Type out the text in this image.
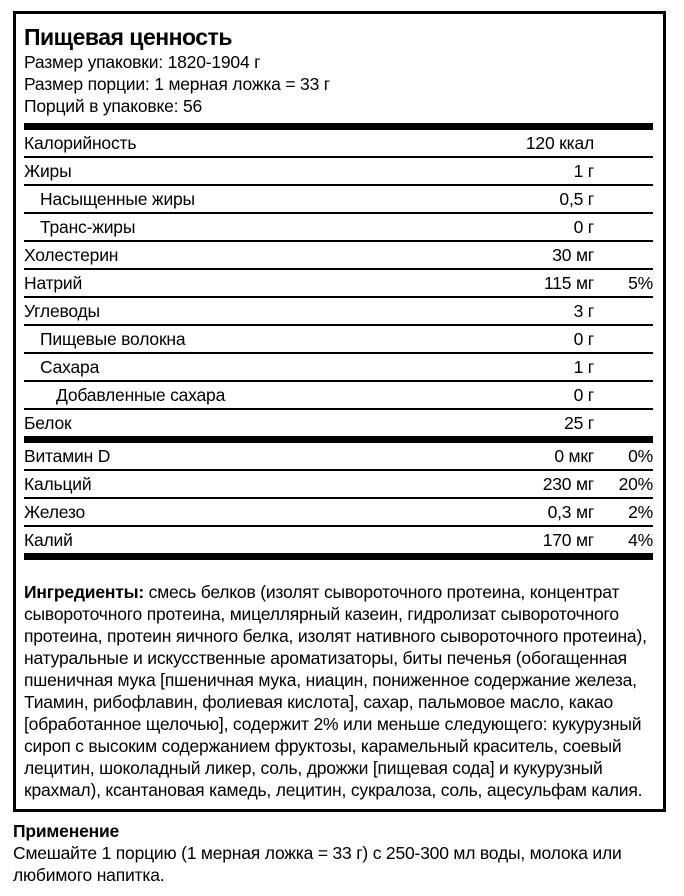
Пищевая ценность
Размер упаковки: 1820-1904 г
Размер порции: 1 мерная ложка = 33 г
Порций в упаковке: 56
Калорийность	120 ккал
Жиры	1 г
Насыщенные жиры	0,5 г
Транс-жиры	0 г
Холестерин	30 мг
Натрий	115 мг	5%
Углеводы	3 г
Пищевые волокна	0 г
Сахара	1 г
Добавленные сахара	0 г
Белок	25 г
Витамин D	0 мкг	0%
Кальций	230 мг	20%
Железо	0,3 мг	2%
Калий	170 мг	4%
Ингредиенты: смесь белков (изолят сывороточного протеина, концентрат сывороточного протеина, мицеллярный казеин, гидролизат сывороточного протеина, протеин яичного белка, изолят нативного сывороточного протеина), натуральные и искусственные ароматизаторы, биты печенья (обогащенная пшеничная мука [пшеничная мука, ниацин, пониженное содержание железа, Тиамин, рибофлавин, фолиевая кислота], сахар, пальмовое масло, какао [обработанное щелочью], содержит 2% или меньше следующего: кукурузный сироп с высоким содержанием фруктозы, карамельный краситель, соевый лецитин, шоколадный ликер, соль, дрожжи [пищевая сода] и кукурузный крахмал), ксантановая камедь, лецитин, сукралоза, соль, ацесульфам калия.
Применение
Смешайте 1 порцию (1 мерная ложка = 33 г) с 250-300 мл воды, молока или любимого напитка.
